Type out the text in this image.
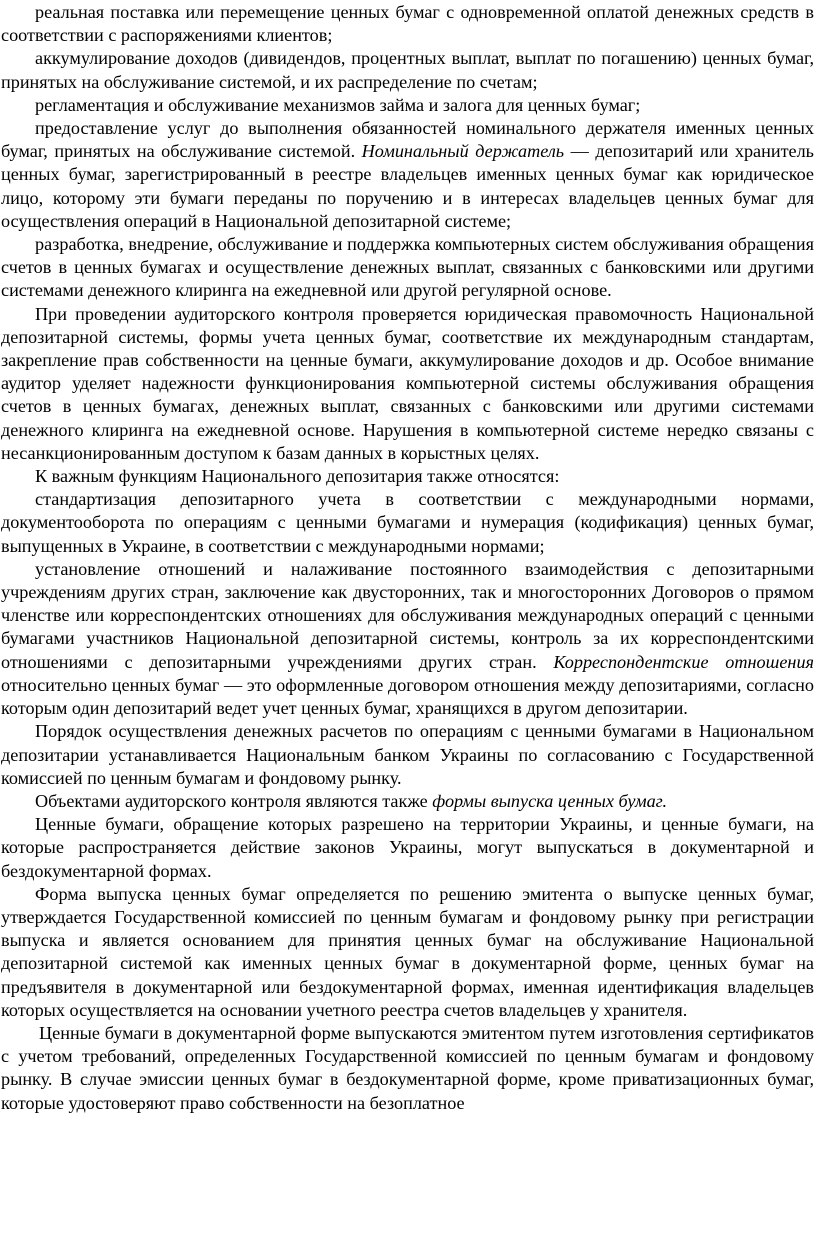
реальная поставка или перемещение ценных бумаг с одновременной оплатой денежных средств в соответствии с распоряжениями клиентов;

аккумулирование доходов (дивидендов, процентных выплат, выплат по погашению) ценных бумаг, принятых на обслуживание системой, и их распределение по счетам;

регламентация и обслуживание механизмов займа и залога для ценных бумаг;

предоставление услуг до выполнения обязанностей номинального держателя именных ценных бумаг, принятых на обслуживание системой. Номинальный держатель — депозитарий или хранитель ценных бумаг, зарегистрированный в реестре владельцев именных ценных бумаг как юридическое лицо, которому эти бумаги переданы по поручению и в интересах владельцев ценных бумаг для осуществления операций в Национальной депозитарной системе;

разработка, внедрение, обслуживание и поддержка компьютерных систем обслуживания обращения счетов в ценных бумагах и осуществление денежных выплат, связанных с банковскими или другими системами денежного клиринга на ежедневной или другой регулярной основе.

При проведении аудиторского контроля проверяется юридическая правомочность Национальной депозитарной системы, формы учета ценных бумаг, соответствие их международным стандартам, закрепление прав собственности на ценные бумаги, аккумулирование доходов и др. Особое внимание аудитор уделяет надежности функционирования компьютерной системы обслуживания обращения счетов в ценных бумагах, денежных выплат, связанных с банковскими или другими системами денежного клиринга на ежедневной основе. Нарушения в компьютерной системе нередко связаны с несанкционированным доступом к базам данных в корыстных целях.

К важным функциям Национального депозитария также относятся:

стандартизация депозитарного учета в соответствии с международными нормами, документооборота по операциям с ценными бумагами и нумерация (кодификация) ценных бумаг, выпущенных в Украине, в соответствии с международными нормами;

установление отношений и налаживание постоянного взаимодействия с депозитарными учреждениям других стран, заключение как двусторонних, так и многосторонних Договоров о прямом членстве или корреспондентских отношениях для обслуживания международных операций с ценными бумагами участников Национальной депозитарной системы, контроль за их корреспондентскими отношениями с депозитарными учреждениями других стран. Корреспондентские отношения относительно ценных бумаг — это оформленные договором отношения между депозитариями, согласно которым один депозитарий ведет учет ценных бумаг, хранящихся в другом депозитарии.

Порядок осуществления денежных расчетов по операциям с ценными бумагами в Национальном депозитарии устанавливается Национальным банком Украины по согласованию с Государственной комиссией по ценным бумагам и фондовому рынку.

Объектами аудиторского контроля являются также формы выпуска ценных бумаг.

Ценные бумаги, обращение которых разрешено на территории Украины, и ценные бумаги, на которые распространяется действие законов Украины, могут выпускаться в документарной и бездокументарной формах.

Форма выпуска ценных бумаг определяется по решению эмитента о выпуске ценных бумаг, утверждается Государственной комиссией по ценным бумагам и фондовому рынку при регистрации выпуска и является основанием для принятия ценных бумаг на обслуживание Национальной депозитарной системой как именных ценных бумаг в документарной форме, ценных бумаг на предъявителя в документарной или бездокументарной формах, именная идентификация владельцев которых осуществляется на основании учетного реестра счетов владельцев у хранителя.

Ценные бумаги в документарной форме выпускаются эмитентом путем изготовления сертификатов с учетом требований, определенных Государственной комиссией по ценным бумагам и фондовому рынку. В случае эмиссии ценных бумаг в бездокументарной форме, кроме приватизационных бумаг, которые удостоверяют право собственности на безоплатное
